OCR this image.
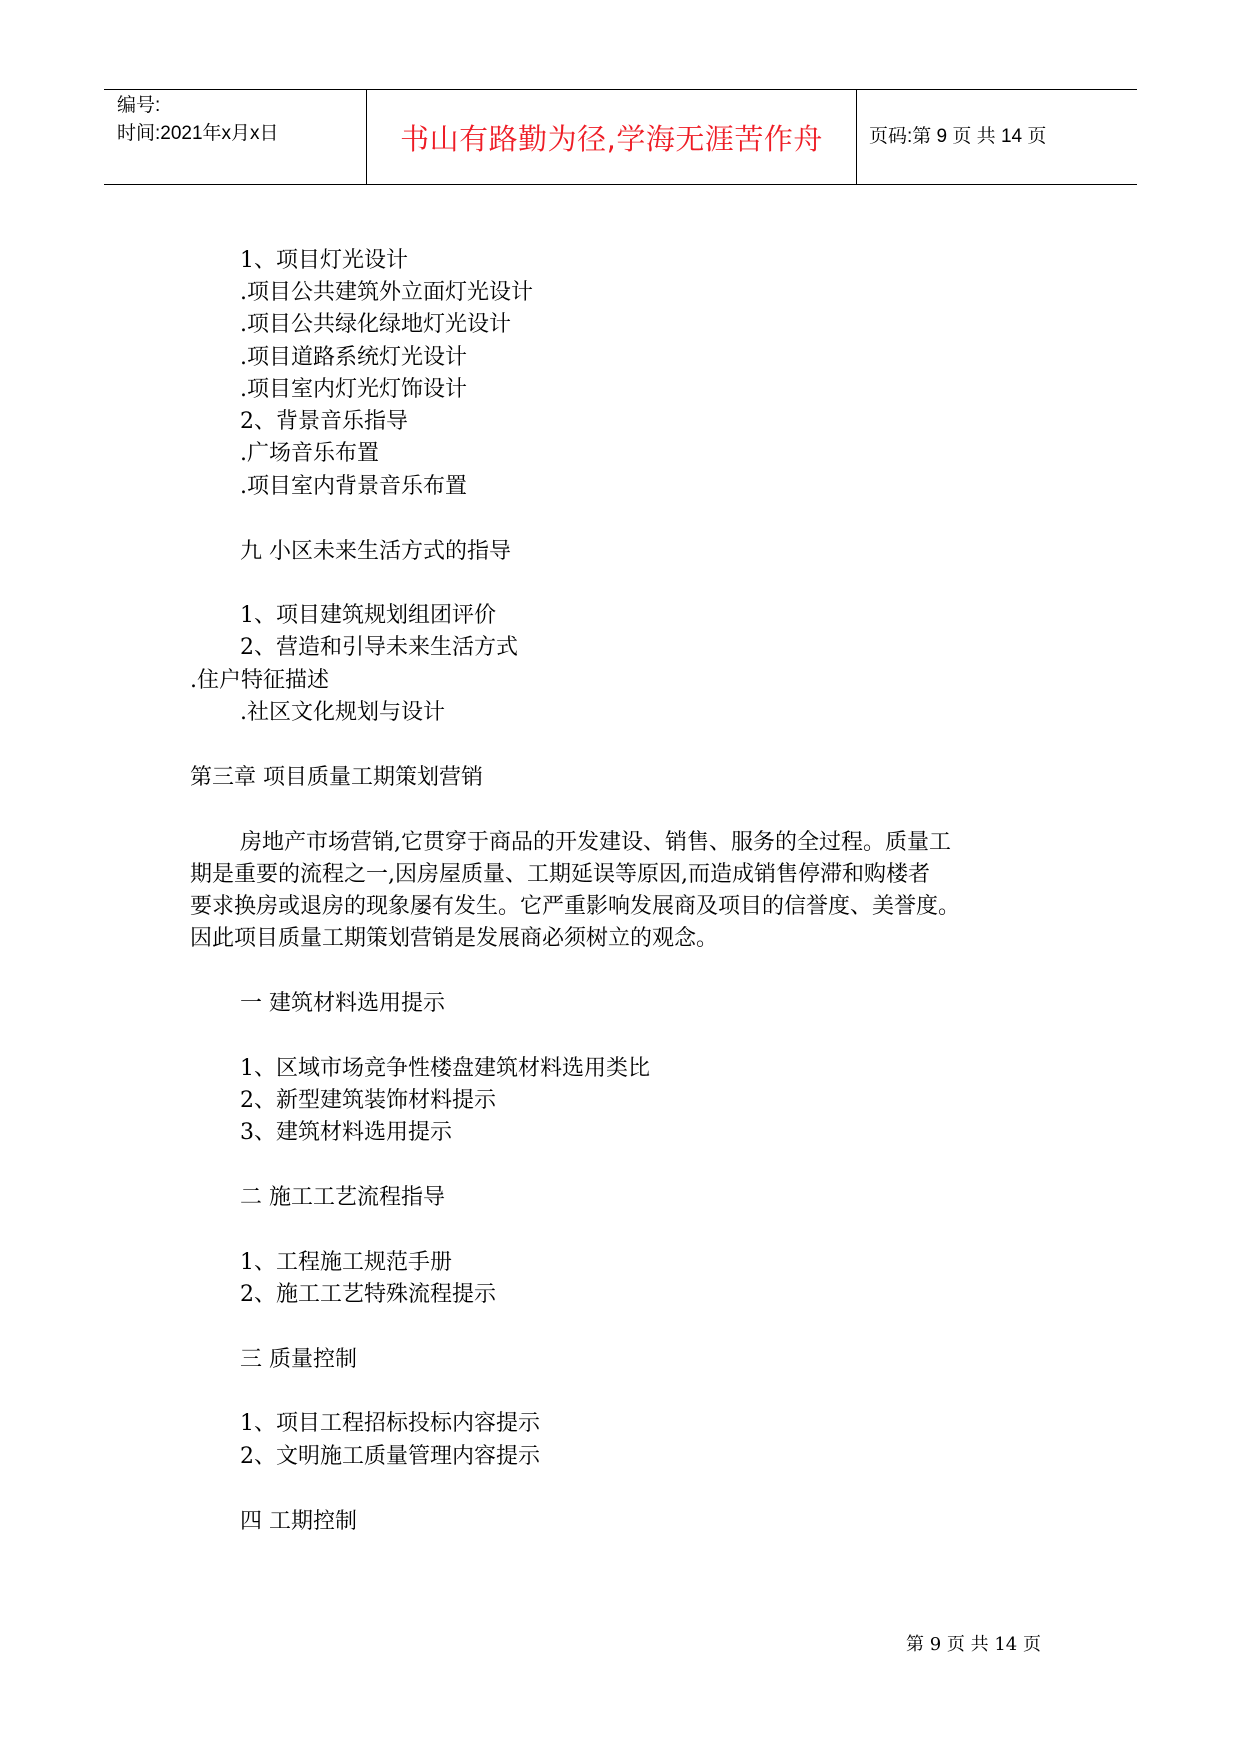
编号:
时间:2021年x月x日	书山有路勤为径,学海无涯苦作舟	页码:第 9 页 共 14 页
1、项目灯光设计
.项目公共建筑外立面灯光设计
.项目公共绿化绿地灯光设计
.项目道路系统灯光设计
.项目室内灯光灯饰设计
2、背景音乐指导
.广场音乐布置
.项目室内背景音乐布置
九 小区未来生活方式的指导
1、项目建筑规划组团评价
2、营造和引导未来生活方式
.住户特征描述
.社区文化规划与设计
第三章 项目质量工期策划营销
房地产市场营销,它贯穿于商品的开发建设、销售、服务的全过程。质量工
期是重要的流程之一,因房屋质量、工期延误等原因,而造成销售停滞和购楼者
要求换房或退房的现象屡有发生。它严重影响发展商及项目的信誉度、美誉度。
因此项目质量工期策划营销是发展商必须树立的观念。
一 建筑材料选用提示
1、区域市场竞争性楼盘建筑材料选用类比
2、新型建筑装饰材料提示
3、建筑材料选用提示
二 施工工艺流程指导
1、工程施工规范手册
2、施工工艺特殊流程提示
三 质量控制
1、项目工程招标投标内容提示
2、文明施工质量管理内容提示
四 工期控制
第 9 页 共 14 页
